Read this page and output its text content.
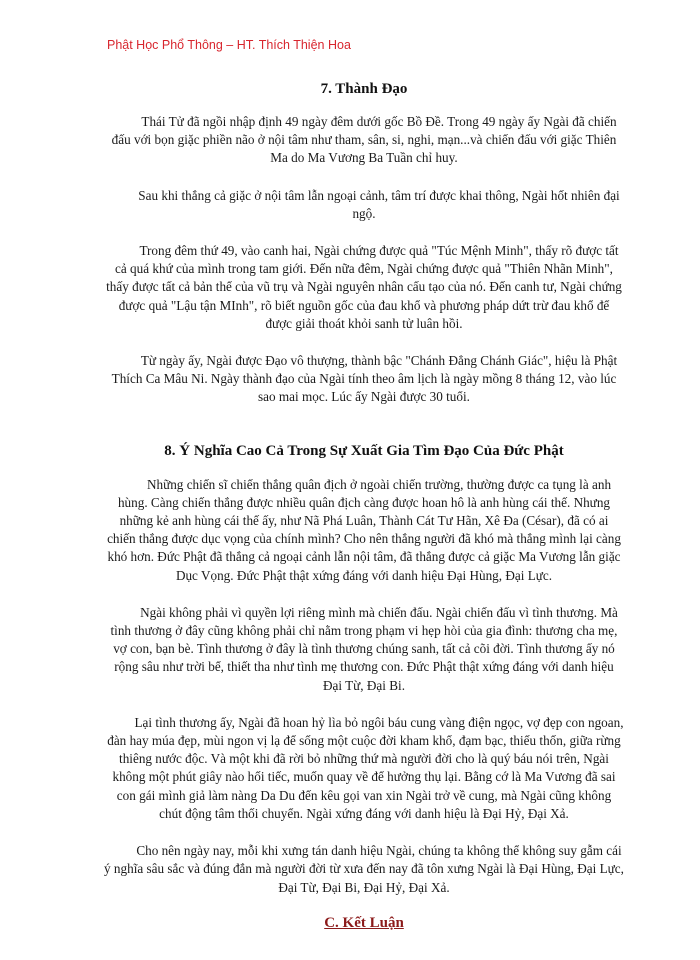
Phật Học Phổ Thông – HT. Thích Thiện Hoa
7. Thành Đạo

Thái Tử đã ngồi nhập định 49 ngày đêm dưới gốc Bồ Đề. Trong 49 ngày ấy Ngài đã chiến đấu với bọn giặc phiền não ở nội tâm như tham, sân, si, nghi, mạn...và chiến đấu với giặc Thiên Ma do Ma Vương Ba Tuần chỉ huy.

Sau khi thắng cả giặc ở nội tâm lẫn ngoại cảnh, tâm trí được khai thông, Ngài hốt nhiên đại ngộ.

Trong đêm thứ 49, vào canh hai, Ngài chứng được quả "Túc Mệnh Minh", thấy rõ được tất cả quá khứ của mình trong tam giới. Đến nữa đêm, Ngài chứng được quả "Thiên Nhãn Minh", thấy được tất cả bản thể của vũ trụ và Ngài nguyên nhân cấu tạo của nó. Đến canh tư, Ngài chứng được quả "Lậu tận MInh", rõ biết nguồn gốc của đau khổ và phương pháp dứt trừ đau khổ để được giải thoát khỏi sanh tử luân hồi.

Từ ngày ấy, Ngài được Đạo vô thượng, thành bậc "Chánh Đẳng Chánh Giác", hiệu là Phật Thích Ca Mâu Ni. Ngày thành đạo của Ngài tính theo âm lịch là ngày mồng 8 tháng 12, vào lúc sao mai mọc. Lúc ấy Ngài được 30 tuổi.

8. Ý Nghĩa Cao Cả Trong Sự Xuất Gia Tìm Đạo Của Đức Phật

Những chiến sĩ chiến thắng quân địch ở ngoài chiến trường, thường được ca tụng là anh hùng. Càng chiến thắng được nhiều quân địch càng được hoan hô là anh hùng cái thế. Nhưng những kẻ anh hùng cái thế ấy, như Nã Phá Luân, Thành Cát Tư Hãn, Xê Đa (César), đã có ai chiến thắng được dục vọng của chính mình? Cho nên thắng người đã khó mà thắng mình lại càng khó hơn. Đức Phật đã thắng cả ngoại cảnh lẫn nội tâm, đã thắng được cả giặc Ma Vương lẫn giặc Dục Vọng. Đức Phật thật xứng đáng với danh hiệu Đại Hùng, Đại Lực.

Ngài không phải vì quyền lợi riêng mình mà chiến đấu. Ngài chiến đấu vì tình thương. Mà tình thương ở đây cũng không phải chỉ nằm trong phạm vi hẹp hòi của gia đình: thương cha mẹ, vợ con, bạn bè. Tình thương ở đây là tình thương chúng sanh, tất cả cõi đời. Tình thương ấy nó rộng sâu như trời bể, thiết tha như tình mẹ thương con. Đức Phật thật xứng đáng với danh hiệu Đại Từ, Đại Bi.

Lại tình thương ấy, Ngài đã hoan hỷ lìa bỏ ngôi báu cung vàng điện ngọc, vợ đẹp con ngoan, đàn hay múa đẹp, mùi ngon vị lạ để sống một cuộc đời kham khổ, đạm bạc, thiếu thốn, giữa rừng thiêng nước độc. Và một khi đã rời bỏ những thứ mà người đời cho là quý báu nói trên, Ngài không một phút giây nào hối tiếc, muốn quay về để hưởng thụ lại. Bằng cớ là Ma Vương đã sai con gái mình giả làm nàng Da Du đến kêu gọi van xin Ngài trở về cung, mà Ngài cũng không chút động tâm thối chuyển. Ngài xứng đáng với danh hiệu là Đại Hỷ, Đại Xả.

Cho nên ngày nay, mỗi khi xưng tán danh hiệu Ngài, chúng ta không thể không suy gẫm cái ý nghĩa sâu sắc và đúng đắn mà người đời từ xưa đến nay đã tôn xưng Ngài là Đại Hùng, Đại Lực, Đại Từ, Đại Bi, Đại Hỷ, Đại Xả.

C. Kết Luận
